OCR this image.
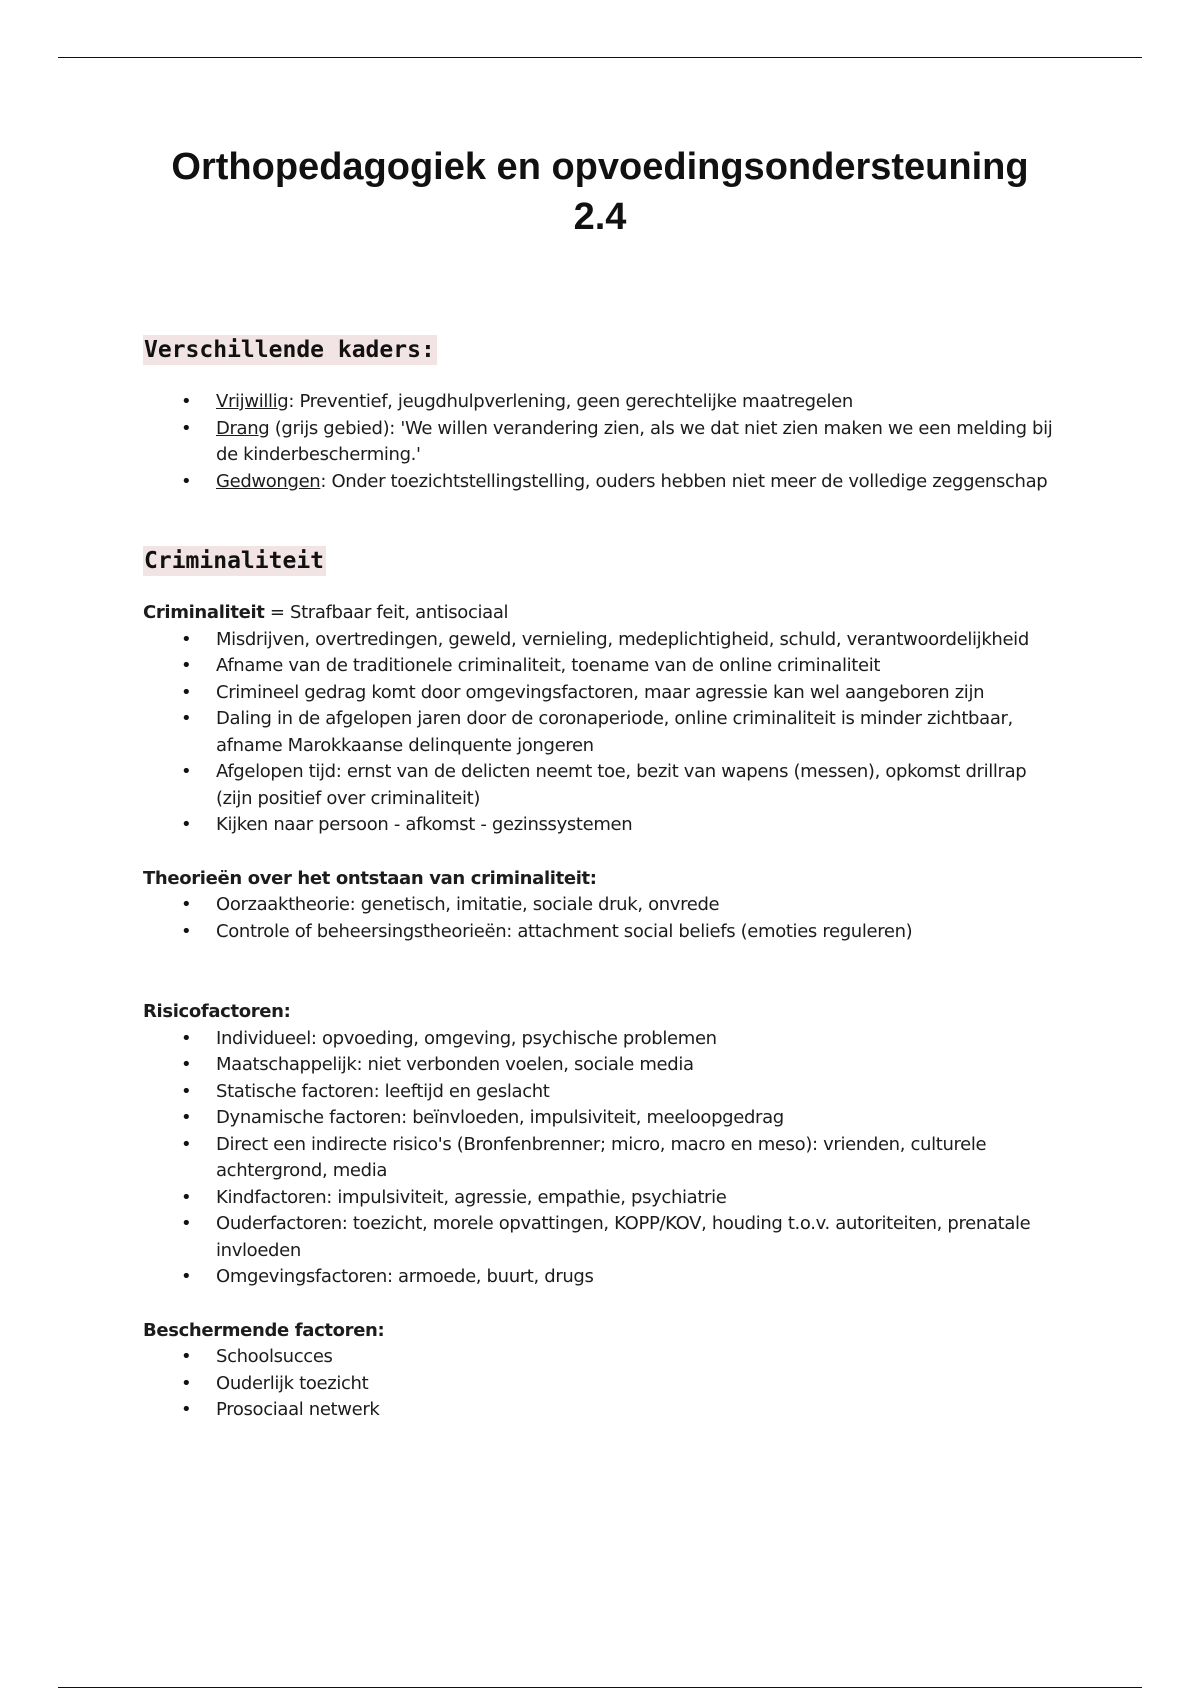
Orthopedagogiek en opvoedingsondersteuning
2.4
Verschillende kaders:
• Vrijwillig: Preventief, jeugdhulpverlening, geen gerechtelijke maatregelen
• Drang (grijs gebied): 'We willen verandering zien, als we dat niet zien maken we een melding bij de kinderbescherming.'
• Gedwongen: Onder toezichtstellingstelling, ouders hebben niet meer de volledige zeggenschap
Criminaliteit

Criminaliteit = Strafbaar feit, antisociaal

• Misdrijven, overtredingen, geweld, vernieling, medeplichtigheid, schuld, verantwoordelijkheid
• Afname van de traditionele criminaliteit, toename van de online criminaliteit
• Crimineel gedrag komt door omgevingsfactoren, maar agressie kan wel aangeboren zijn
• Daling in de afgelopen jaren door de coronaperiode, online criminaliteit is minder zichtbaar, afname Marokkaanse delinquente jongeren
• Afgelopen tijd: ernst van de delicten neemt toe, bezit van wapens (messen), opkomst drillrap (zijn positief over criminaliteit)
• Kijken naar persoon - afkomst - gezinssystemen

Theorieën over het ontstaan van criminaliteit:

• Oorzaaktheorie: genetisch, imitatie, sociale druk, onvrede
• Controle of beheersingstheorieën: attachment social beliefs (emoties reguleren)

Risicofactoren:

• Individueel: opvoeding, omgeving, psychische problemen
• Maatschappelijk: niet verbonden voelen, sociale media
• Statische factoren: leeftijd en geslacht
• Dynamische factoren: beïnvloeden, impulsiviteit, meeloopgedrag
• Direct een indirecte risico's (Bronfenbrenner; micro, macro en meso): vrienden, culturele achtergrond, media
• Kindfactoren: impulsiviteit, agressie, empathie, psychiatrie
• Ouderfactoren: toezicht, morele opvattingen, KOPP/KOV, houding t.o.v. autoriteiten, prenatale invloeden
• Omgevingsfactoren: armoede, buurt, drugs

Beschermende factoren:

• Schoolsucces
• Ouderlijk toezicht
• Prosociaal netwerk
